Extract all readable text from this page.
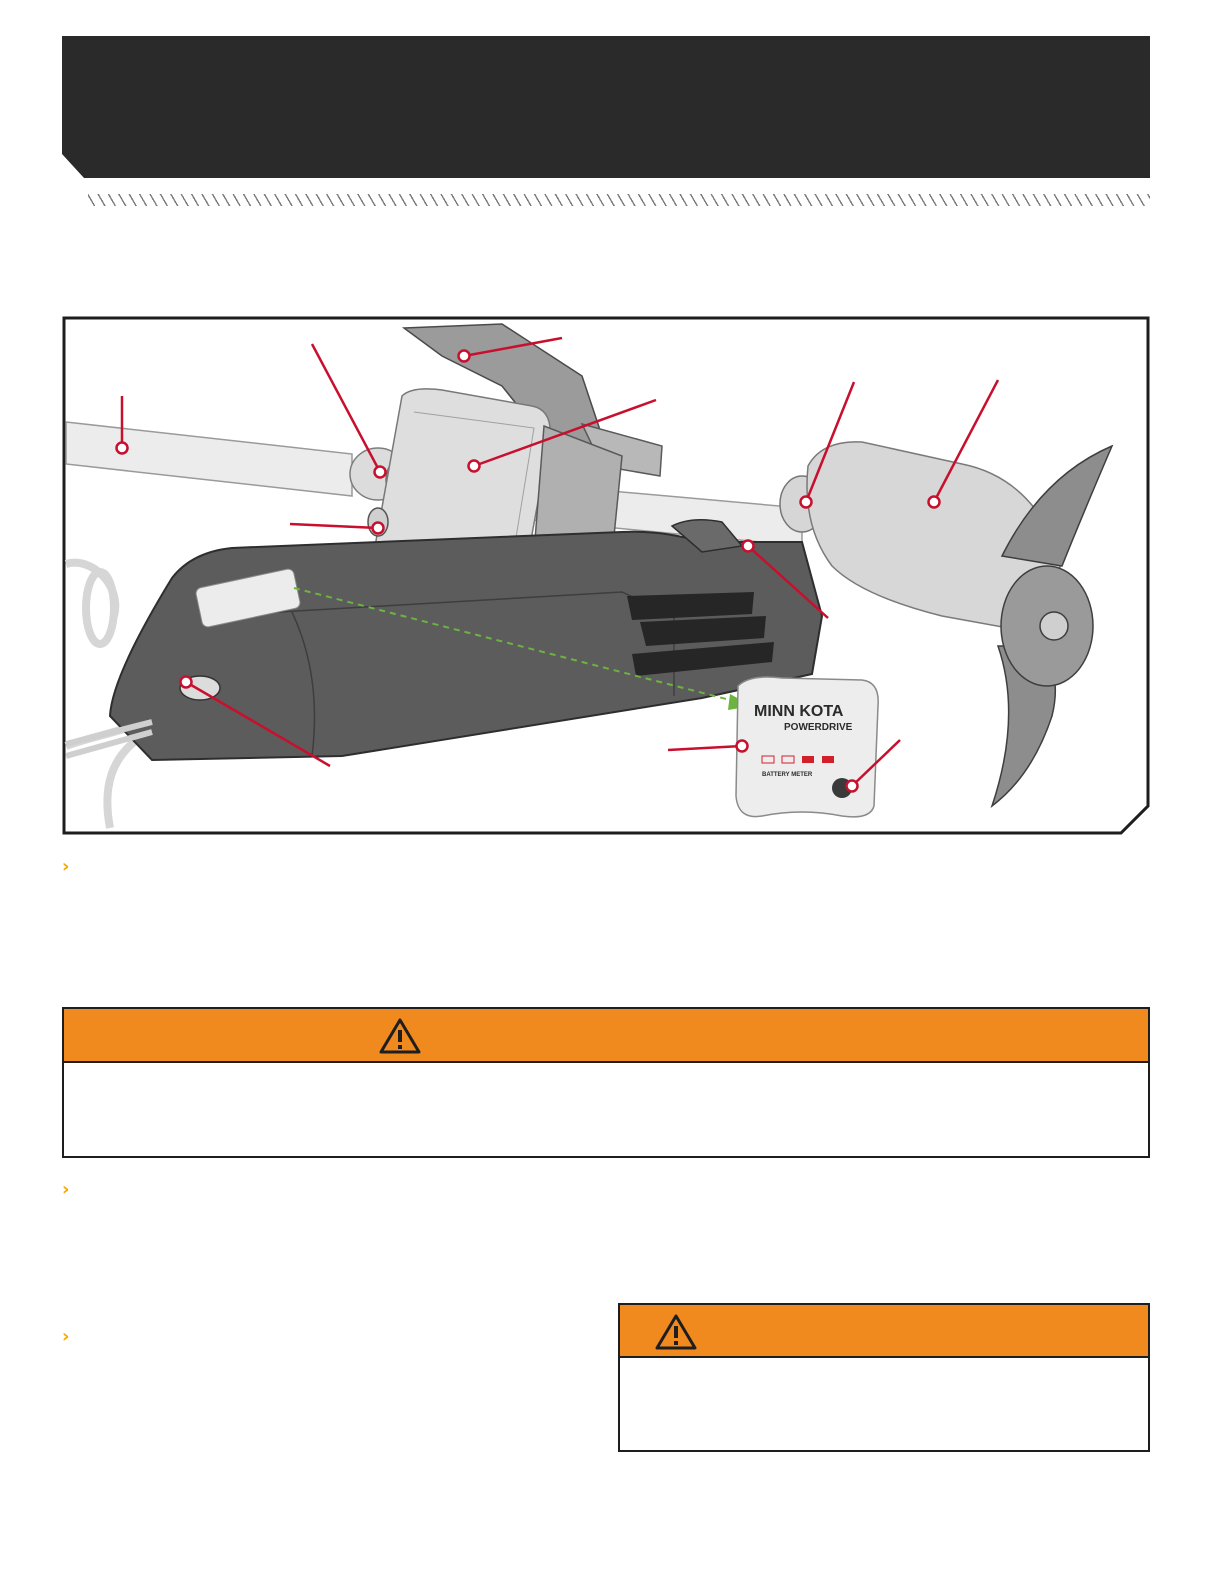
MINN KOTA
POWERDRIVE
BATTERY METER
›
›
›
